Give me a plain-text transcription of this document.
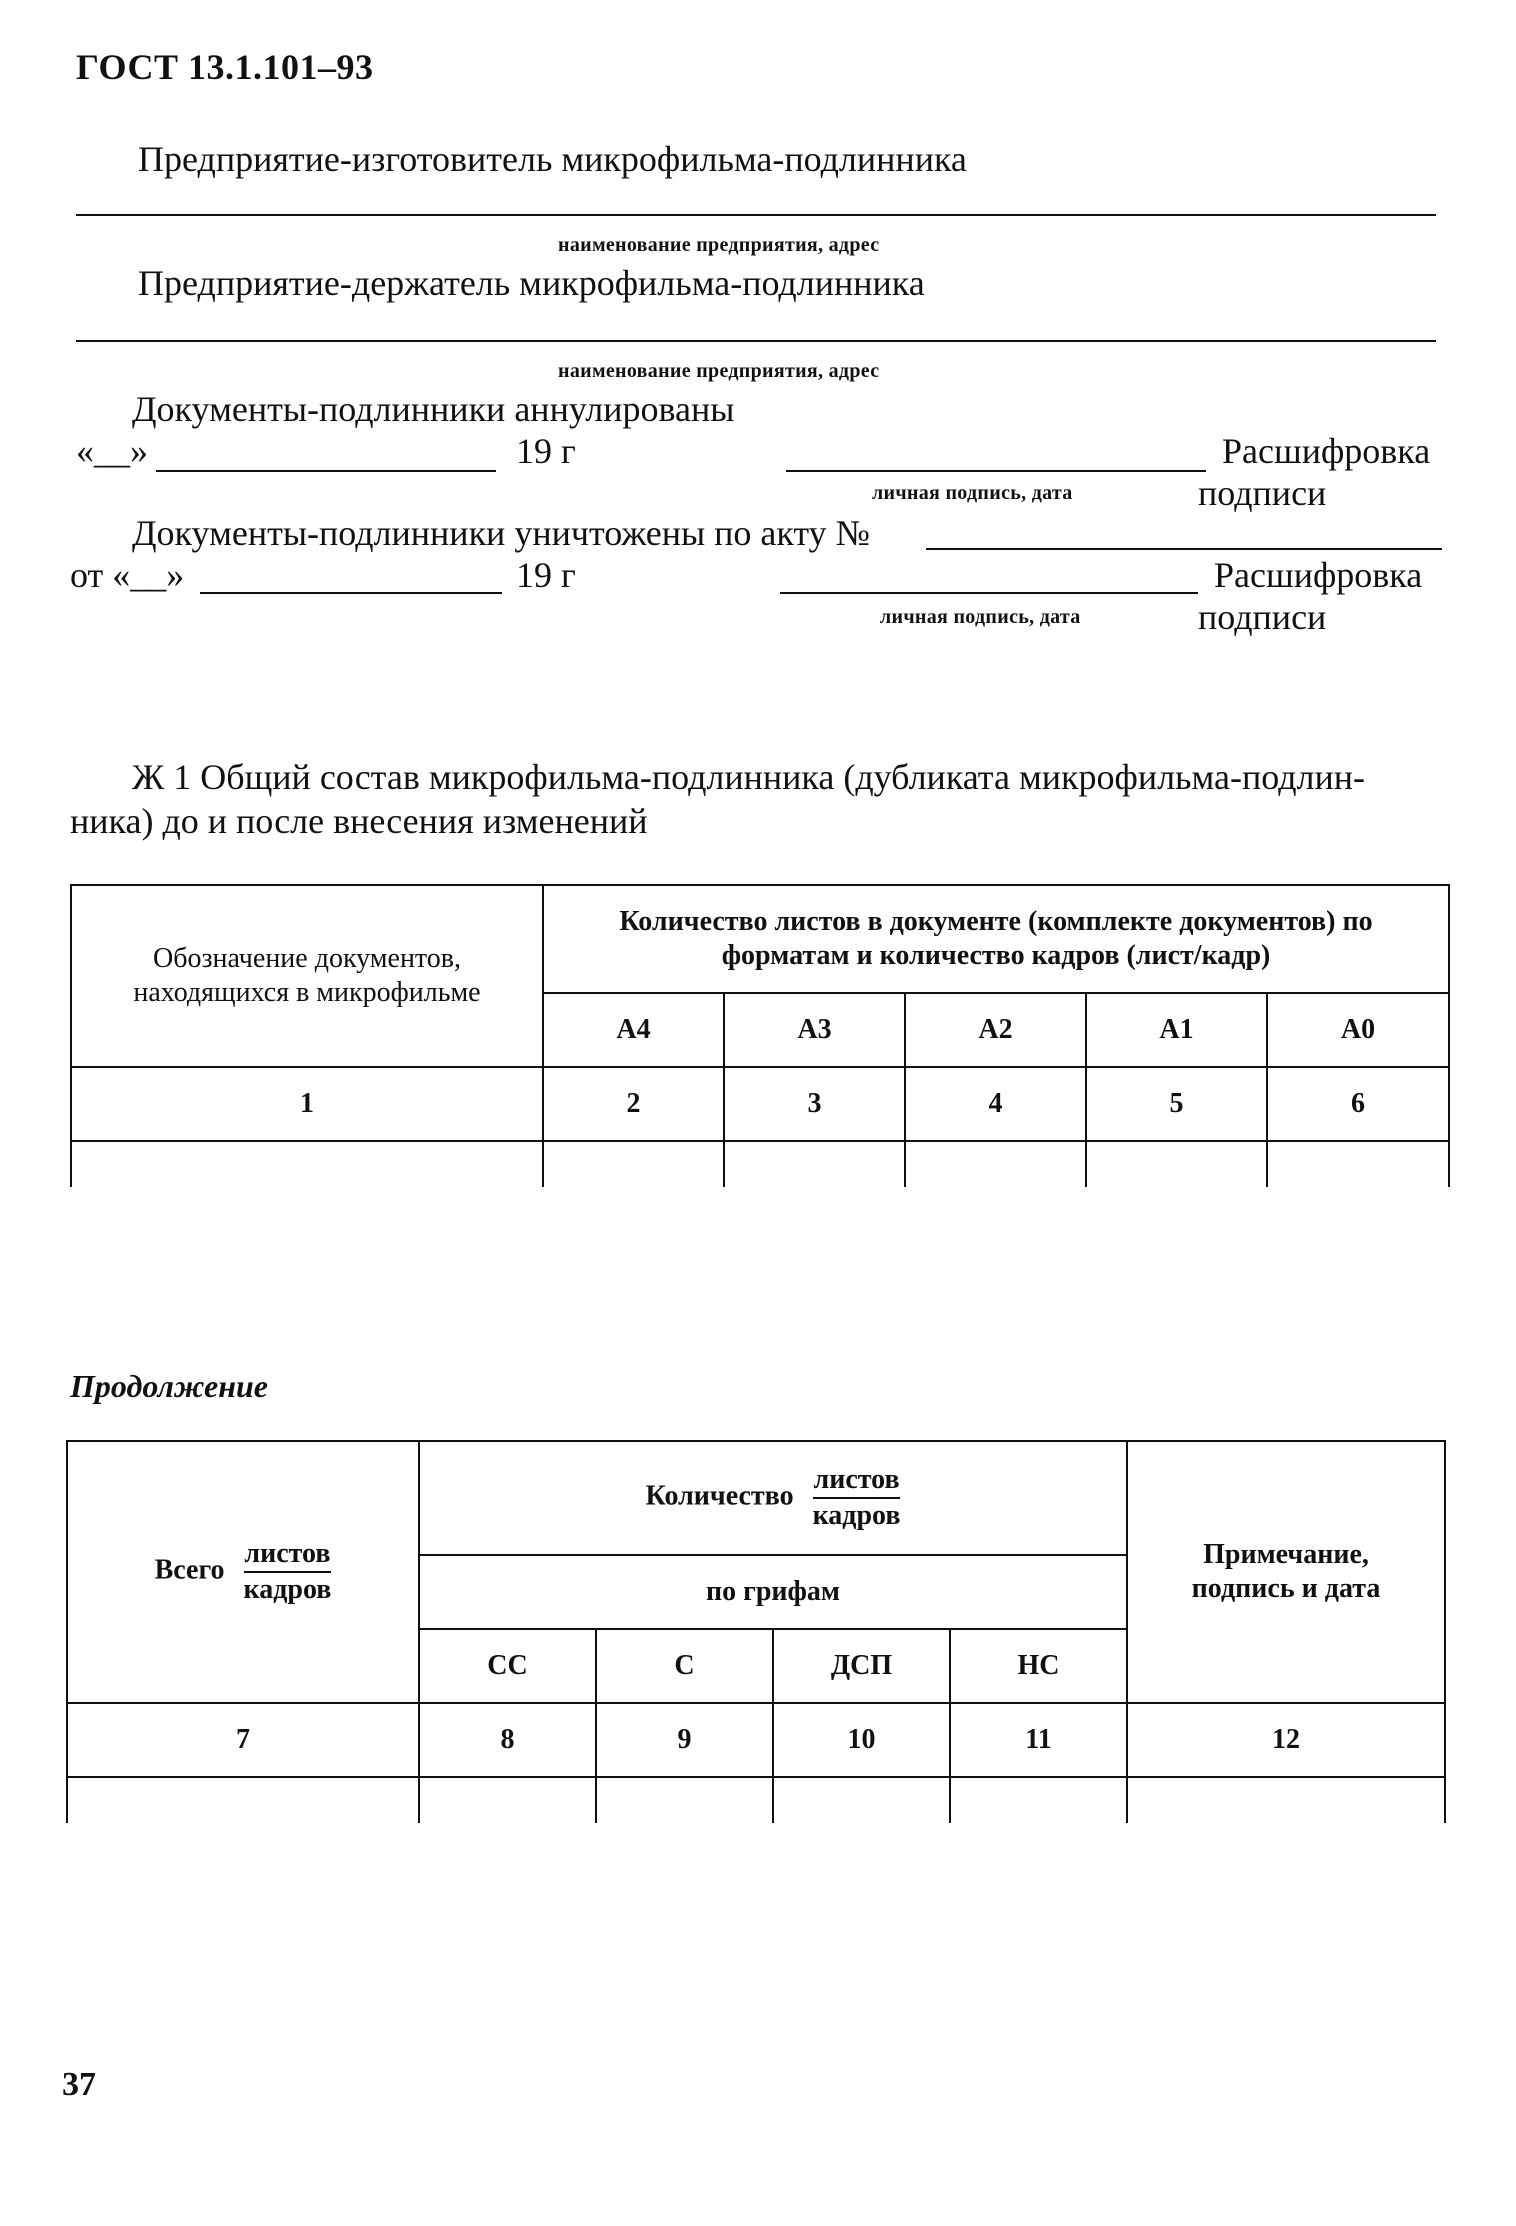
ГОСТ 13.1.101–93
Предприятие-изготовитель микрофильма-подлинника
наименование предприятия, адрес
Предприятие-держатель микрофильма-подлинника
наименование предприятия, адрес
Документы-подлинники аннулированы
«__»	19 г	Расшифровка
личная подпись, дата	подписи
Документы-подлинники уничтожены по акту №
от «__»	19 г	Расшифровка
личная подпись, дата	подписи
Ж 1 Общий состав микрофильма-подлинника (дубликата микрофильма-подлин-
ника) до и после внесения изменений
Обозначение документов, находящихся в микрофильме	Количество листов в документе (комплекте документов) по форматам и количество кадров (лист/кадр)				
	А4	А3	А2	А1	А0
1	2	3	4	5	6

Продолжение
Всего $\frac{\text{листов}}{\text{кадров}}$	Количество $\frac{\text{листов}}{\text{кадров}}$				Примечание, подпись и дата
	по грифам				
	СС	С	ДСП	НС	
7	8	9	10	11	12

37
